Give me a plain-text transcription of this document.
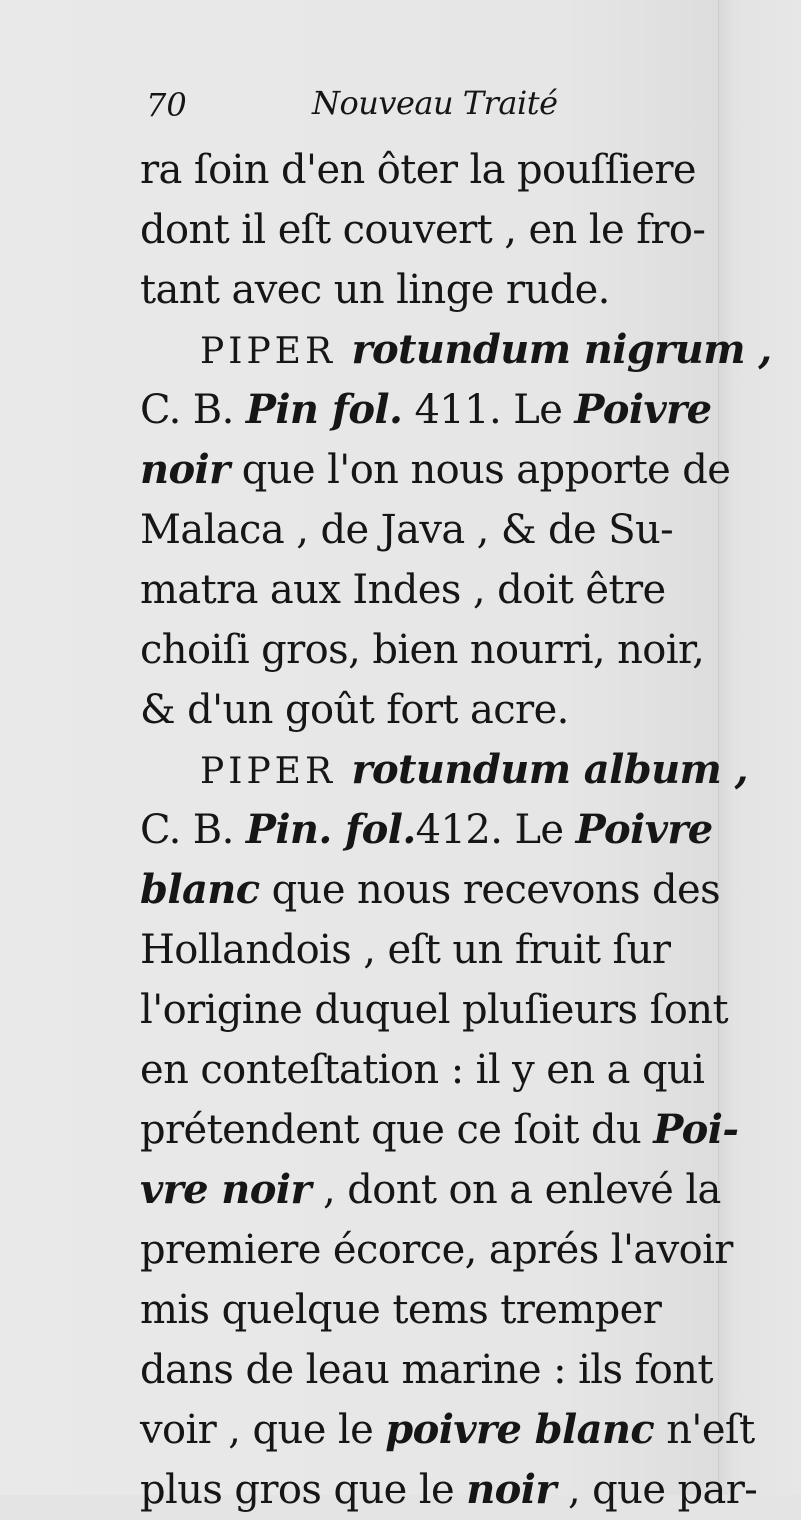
70	Nouveau Traité
ra ſoin d'en ôter la pouſſiere
dont il eſt couvert , en le fro-
tant avec un linge rude.
PIPER rotundum nigrum ,
C. B. Pin fol. 411. Le Poivre
noir que l'on nous apporte de
Malaca , de Java , & de Su-
matra aux Indes , doit être
choiſi gros, bien nourri, noir,
& d'un goût fort acre.
PIPER rotundum album ,
C. B. Pin. fol.412. Le Poivre
blanc que nous recevons des
Hollandois , eſt un fruit ſur
l'origine duquel pluſieurs ſont
en conteſtation : il y en a qui
prétendent que ce ſoit du Poi-
vre noir , dont on a enlevé la
premiere écorce, aprés l'avoir
mis quelque tems tremper
dans de leau marine : ils font
voir , que le poivre blanc n'eſt
plus gros que le noir , que par-
